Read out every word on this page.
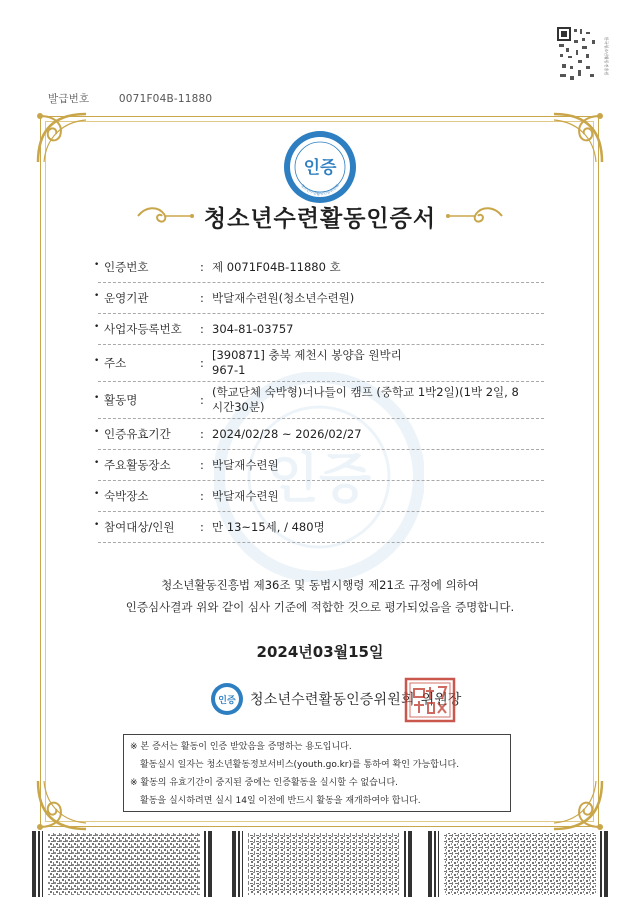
발급번호	0071F04B-11880
한국청소년활동진흥원
YOUTH ACTIVITY PROGRAM
인증
청소년수련활동인증위원회
청소년수련활동인증서
인증
• 인증번호	: 제 0071F04B-11880 호
• 운영기관	: 박달재수련원(청소년수련원)
• 사업자등록번호	: 304-81-03757
• 주소	:
[390871] 충북 제천시 봉양읍 원박리
967-1
• 활동명	:
(학교단체 숙박형)너나들이 캠프 (중학교 1박2일)(1박 2일, 8
시간30분)
• 인증유효기간	: 2024/02/28 ~ 2026/02/27
• 주요활동장소	: 박달재수련원
• 숙박장소	: 박달재수련원
• 참여대상/인원	: 만 13~15세, / 480명
청소년활동진흥법 제36조 및 동법시행령 제21조 규정에 의하여
인증심사결과 위와 같이 심사 기준에 적합한 것으로 평가되었음을 증명합니다.
2024년03월15일
인증 청소년수련활동인증위원회 위원장
※ 본 증서는 활동이 인증 받았음을 증명하는 용도입니다.
활동실시 일자는 청소년활동정보서비스(youth.go.kr)를 통하여 확인 가능합니다.
※ 활동의 유효기간이 중지된 중에는 인증활동을 실시할 수 없습니다.
활동을 실시하려면 실시 14일 이전에 반드시 활동을 재개하여야 합니다.
